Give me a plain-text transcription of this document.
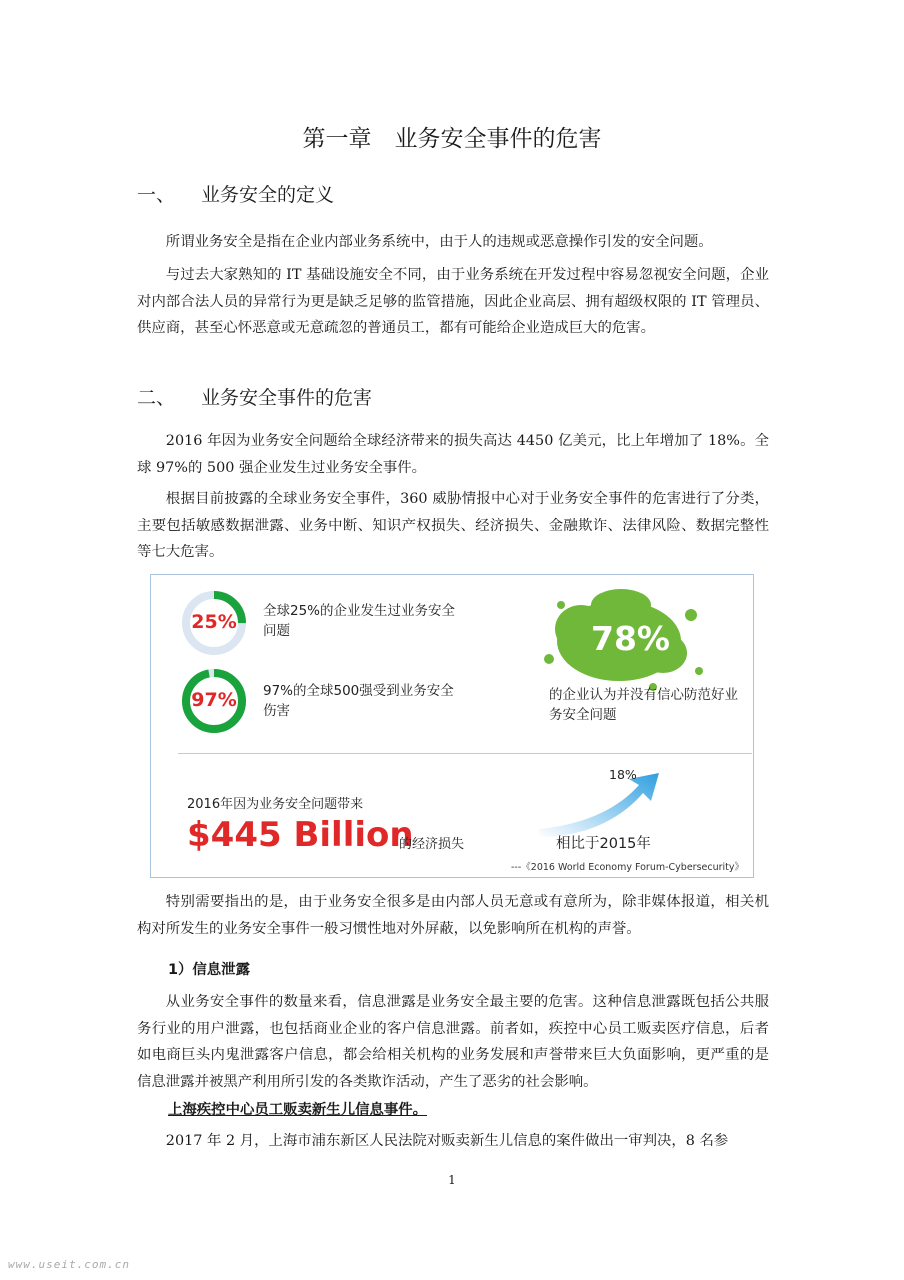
第一章　业务安全事件的危害
一、 业务安全的定义

所谓业务安全是指在企业内部业务系统中，由于人的违规或恶意操作引发的安全问题。

与过去大家熟知的 IT 基础设施安全不同，由于业务系统在开发过程中容易忽视安全问题，企业对内部合法人员的异常行为更是缺乏足够的监管措施，因此企业高层、拥有超级权限的 IT 管理员、供应商，甚至心怀恶意或无意疏忽的普通员工，都有可能给企业造成巨大的危害。

二、 业务安全事件的危害

2016 年因为业务安全问题给全球经济带来的损失高达 4450 亿美元，比上年增加了 18%。全球 97%的 500 强企业发生过业务安全事件。

根据目前披露的全球业务安全事件，360 威胁情报中心对于业务安全事件的危害进行了分类，主要包括敏感数据泄露、业务中断、知识产权损失、经济损失、金融欺诈、法律风险、数据完整性等七大危害。

25%	全球25%的企业发生过业务安全问题
97%	97%的全球500强受到业务安全伤害
78%
的企业认为并没有信心防范好业务安全问题
2016年因为业务安全问题带来
$445 Billion
的经济损失
18%
相比于2015年
---《2016 World Economy Forum-Cybersecurity》

特别需要指出的是，由于业务安全很多是由内部人员无意或有意所为，除非媒体报道，相关机构对所发生的业务安全事件一般习惯性地对外屏蔽，以免影响所在机构的声誉。

1）信息泄露

从业务安全事件的数量来看，信息泄露是业务安全最主要的危害。这种信息泄露既包括公共服务行业的用户泄露，也包括商业企业的客户信息泄露。前者如，疾控中心员工贩卖医疗信息，后者如电商巨头内鬼泄露客户信息，都会给相关机构的业务发展和声誉带来巨大负面影响，更严重的是信息泄露并被黑产利用所引发的各类欺诈活动，产生了恶劣的社会影响。

上海疾控中心员工贩卖新生儿信息事件。

2017 年 2 月，上海市浦东新区人民法院对贩卖新生儿信息的案件做出一审判决，8 名参

1
www.useit.com.cn
